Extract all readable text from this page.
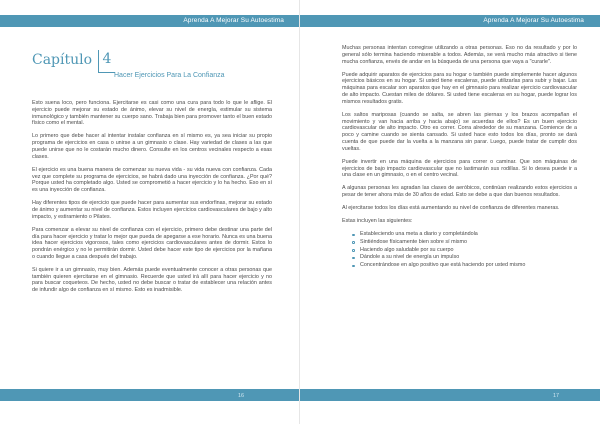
Aprenda A Mejorar Su Autoestima
Capítulo 4
Hacer Ejercicios Para La Confianza

Esto suena loco, pero funciona. Ejercitarse es casi como una cura para todo lo que le aflige. El ejercicio puede mejorar su estado de ánimo, elevar su nivel de energía, estimular su sistema inmunológico y también mantener su cuerpo sano. Trabaja bien para promover tanto el buen estado físico como el mental.

Lo primero que debe hacer al intentar instalar confianza en sí mismo es, ya sea iniciar su propio programa de ejercicios en casa o unirse a un gimnasio o clase. Hay variedad de clases a las que puede unirse que no le costarán mucho dinero. Consulte en los centros vecinales respecto a esas clases.

El ejercicio es una buena manera de comenzar su nueva vida - su vida nueva con confianza. Cada vez que complete su programa de ejercicios, se habrá dado una inyección de confianza. ¿Por qué? Porque usted ha completado algo. Usted se comprometió a hacer ejercicio y lo ha hecho. Eso en sí es una inyección de confianza.

Hay diferentes tipos de ejercicio que puede hacer para aumentar sus endorfinas, mejorar su estado de ánimo y aumentar su nivel de confianza. Estos incluyen ejercicios cardiovasculares de bajo y alto impacto, y estiramiento o Pilates.

Para comenzar a elevar su nivel de confianza con el ejercicio, primero debe destinar una parte del día para hacer ejercicio y tratar lo mejor que pueda de apegarse a ese horario. Nunca es una buena idea hacer ejercicios vigorosos, tales como ejercicios cardiovasculares antes de dormir. Estos lo pondrán enérgico y no le permitirán dormir. Usted debe hacer este tipo de ejercicios por la mañana o cuando llegue a casa después del trabajo.

Si quiere ir a un gimnasio, muy bien. Además puede eventualmente conocer a otras personas que también quieren ejercitarse en el gimnasio. Recuerde que usted irá allí para hacer ejercicio y no para buscar coqueteos. De hecho, usted no debe buscar o tratar de establecer una relación antes de infundir algo de confianza en sí mismo. Esto es inadmisible.

16
Aprenda A Mejorar Su Autoestima

Muchas personas intentan corregirse utilizando a otras personas. Eso no da resultado y por lo general sólo termina haciendo miserable a todos. Además, se verá mucho más atractivo si tiene mucha confianza, envés de andar en la búsqueda de una persona que vaya a "curarle".

Puede adquirir aparatos de ejercicios para su hogar o también puede simplemente hacer algunos ejercicios básicos en su hogar. Si usted tiene escaleras, puede utilizarlas para subir y bajar. Las máquinas para escalar son aparatos que hay en el gimnasio para realizar ejercicio cardiovascular de alto impacto. Cuestan miles de dólares. Si usted tiene escaleras en su hogar, puede lograr los mismos resultados gratis.

Los saltos mariposas (cuando se salta, se abren las piernas y los brazos acompañan el movimiento y van hacia arriba y hacia abajo) se acuerdas de ellos? Es un buen ejercicio cardiovascular de alto impacto. Otro es correr. Corra alrededor de su manzana. Comience de a poco y camine cuando se sienta cansado. Si usted hace esto todos los días, pronto se dará cuenta de que puede dar la vuelta a la manzana sin parar. Luego, puede tratar de cumplir dos vueltas.

Puede invertir en una máquina de ejercicios para correr o caminar. Que son máquinas de ejercicios de bajo impacto cardiovascular que no lastimarán sus rodillas. Si lo desea puede ir a una clase en un gimnasio, o en el centro vecinal.

A algunas personas les agradan las clases de aeróbicos, continúan realizando estos ejercicios a pesar de tener ahora más de 30 años de edad. Esto se debe a que dan buenos resultados.

Al ejercitarse todos los días está aumentando su nivel de confianza de diferentes maneras.

Estas incluyen las siguientes:

Estableciendo una meta a diario y completándola
Sintiéndose físicamente bien sobre sí mismo
Haciendo algo saludable por su cuerpo
Dándole a su nivel de energía un impulso
Concentrándose en algo positivo que está haciendo por usted mismo
17
